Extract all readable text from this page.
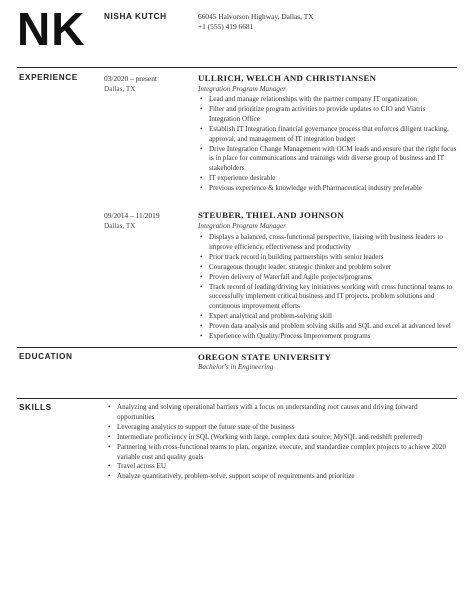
NK NISHA KUTCH	66045 Halvorson Highway, Dallas, TX
+1 (555) 419 6681
EXPERIENCE	03/2020 – present
Dallas, TX
ULLRICH, WELCH AND CHRISTIANSEN
Integration Program Manager
• Lead and manage relationships with the partner company IT organization
• Filter and prioritize program activities to provide updates to CIO and Viatris Integration Office
• Establish IT Integration financial governance process that enforces diligent tracking, approval, and management of IT integration budget
• Drive Integration Change Management with OCM leads and ensure that the right focus is in place for communications and trainings with diverse group of business and IT stakeholders
• IT experience desirable
• Previous experience & knowledge with Pharmaceutical industry preferable
09/2014 – 11/2019
Dallas, TX
STEUBER, THIEL AND JOHNSON
Integration Program Manager
• Displays a balanced, cross-functional perspective, liaising with business leaders to improve efficiency, effectiveness and productivity
• Prior track record in building partnerships with senior leaders
• Courageous thought leader, strategic thinker and problem solver
• Proven delivery of Waterfall and Agile projects/programs
• Track record of leading/driving key initiatives working with cross functional teams to successfully implement critical business and IT projects, problem solutions and continuous improvement efforts
• Expert analytical and problem-solving skill
• Proven data analysis and problem solving skills and SQL and excel at advanced level
• Experience with Quality/Process Improvement programs
EDUCATION	OREGON STATE UNIVERSITY
Bachelor's in Engineering
SKILLS	• Analyzing and solving operational barriers with a focus on understanding root causes and driving forward opportunities
• Leveraging analytics to support the future state of the business
• Intermediate proficiency in SQL (Working with large, complex data source; MySQL and redshift preferred)
• Partnering with cross-functional teams to plan, organize, execute, and standardize complex projects to achieve 2020 variable cost and quality goals
• Travel across EU
• Analyze quantitatively, problem-solve, support scope of requirements and prioritize
